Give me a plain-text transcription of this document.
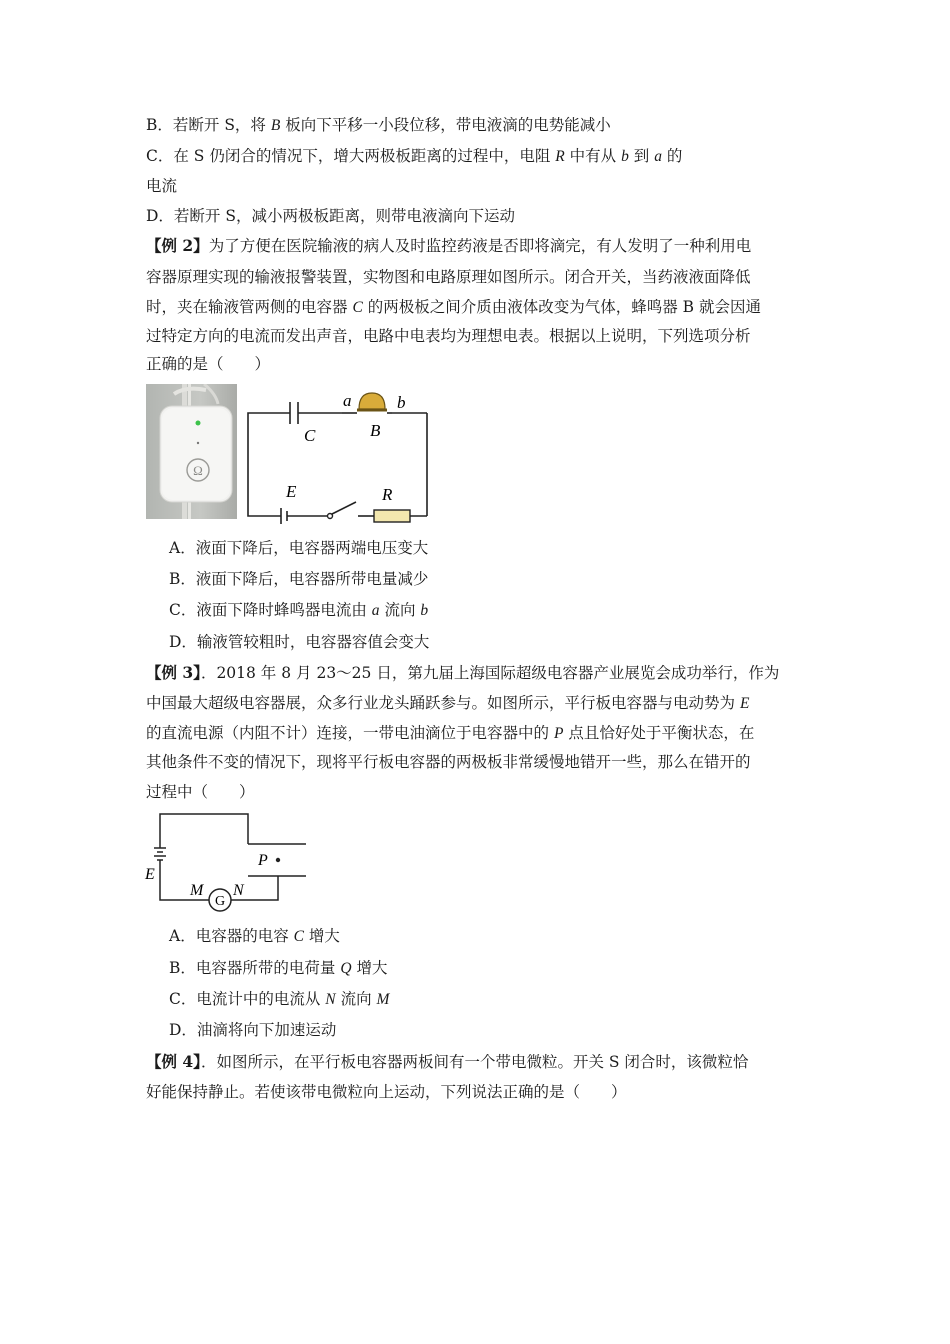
B．若断开 S，将 B 板向下平移一小段位移，带电液滴的电势能减小
C．在 S 仍闭合的情况下，增大两极板距离的过程中，电阻 R 中有从 b 到 a 的
电流
D．若断开 S，减小两极板距离，则带电液滴向下运动
【例 2】为了方便在医院输液的病人及时监控药液是否即将滴完，有人发明了一种利用电
容器原理实现的输液报警装置，实物图和电路原理如图所示。闭合开关，当药液液面降低
时，夹在输液管两侧的电容器 C 的两极板之间介质由液体改变为气体，蜂鸣器 B 就会因通
过特定方向的电流而发出声音，电路中电表均为理想电表。根据以上说明，下列选项分析
正确的是（　　）
Ω
C
a	b
B
E	R
A．液面下降后，电容器两端电压变大
B．液面下降后，电容器所带电量减少
C．液面下降时蜂鸣器电流由 a 流向 b
D．输液管较粗时，电容器容值会变大
【例 3】．2018 年 8 月 23～25 日，第九届上海国际超级电容器产业展览会成功举行，作为
中国最大超级电容器展，众多行业龙头踊跃参与。如图所示，平行板电容器与电动势为 E
的直流电源（内阻不计）连接，一带电油滴位于电容器中的 P 点且恰好处于平衡状态，在
其他条件不变的情况下，现将平行板电容器的两极板非常缓慢地错开一些，那么在错开的
过程中（　　）
G
P
E
M N
A．电容器的电容 C 增大
B．电容器所带的电荷量 Q 增大
C．电流计中的电流从 N 流向 M
D．油滴将向下加速运动
【例 4】．如图所示，在平行板电容器两板间有一个带电微粒。开关 S 闭合时，该微粒恰
好能保持静止。若使该带电微粒向上运动，下列说法正确的是（　　）
